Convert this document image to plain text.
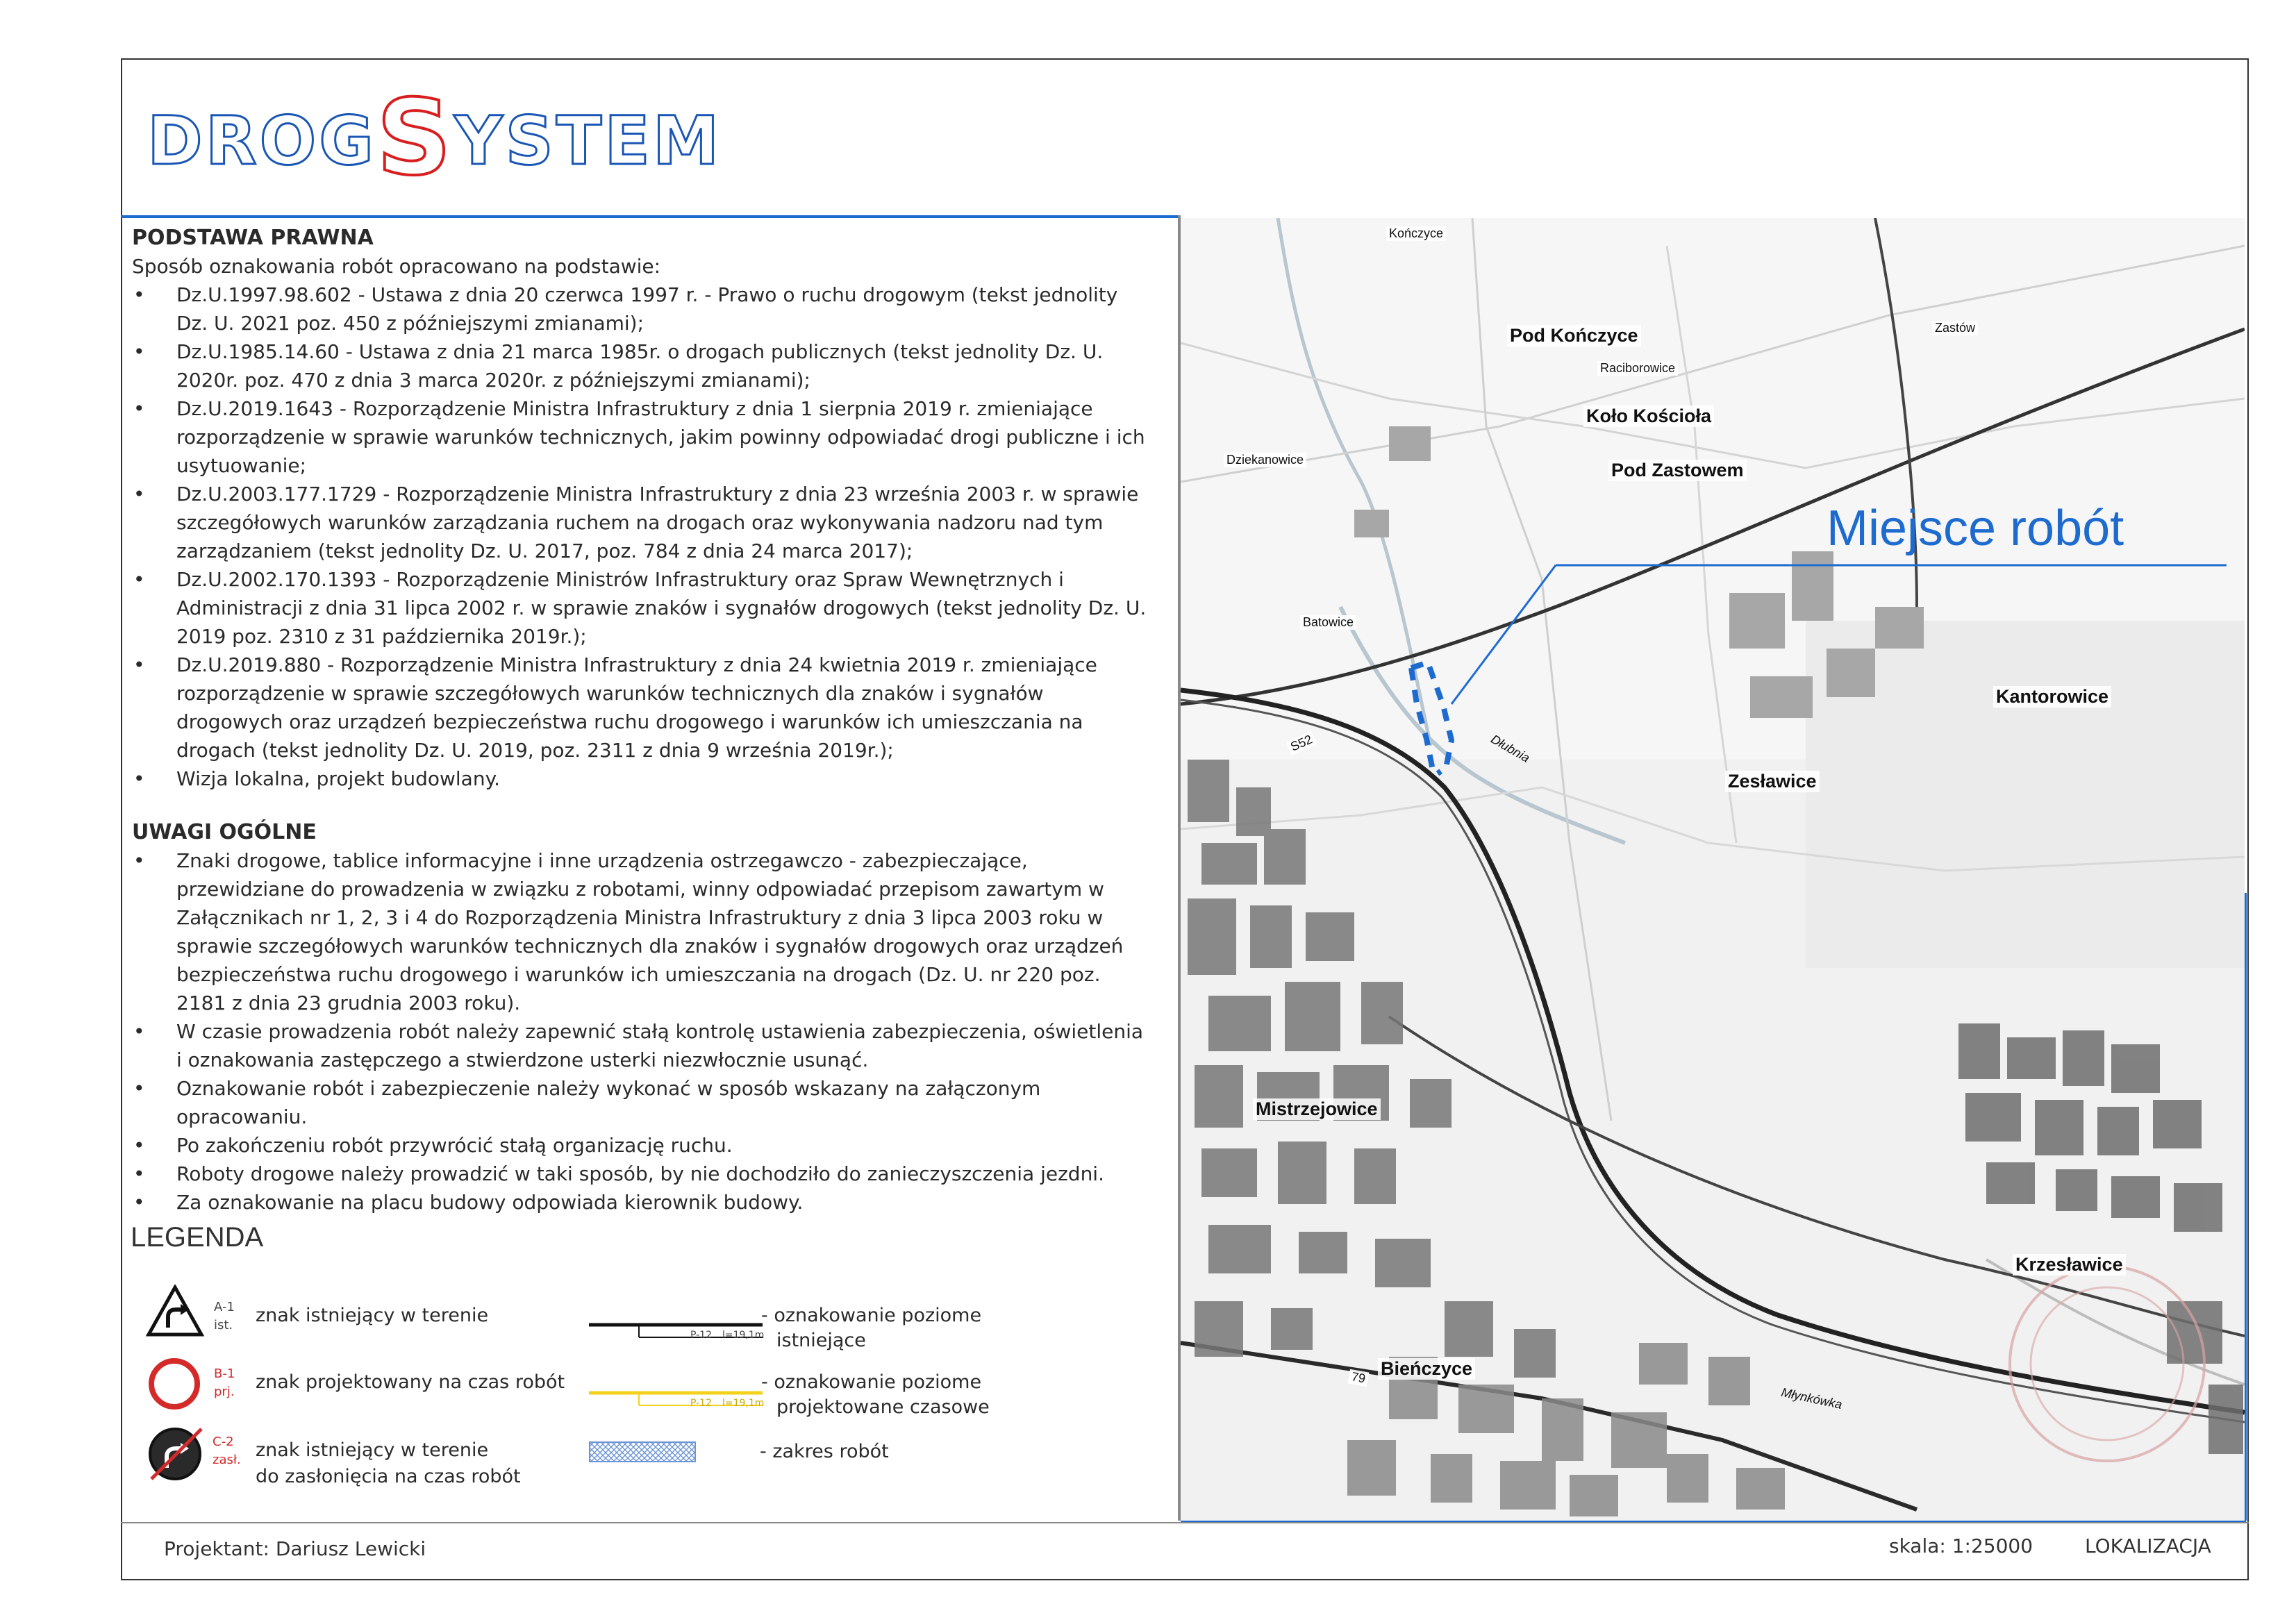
DROGSYSTEM

PODSTAWA PRAWNA

Sposób oznakowania robót opracowano na podstawie:
• Dz.U.1997.98.602 - Ustawa z dnia 20 czerwca 1997 r. - Prawo o ruchu drogowym (tekst jednolity Dz. U. 2021 poz. 450 z późniejszymi zmianami);
• Dz.U.1985.14.60 - Ustawa z dnia 21 marca 1985r. o drogach publicznych (tekst jednolity Dz. U. 2020r. poz. 470 z dnia 3 marca 2020r. z późniejszymi zmianami);
• Dz.U.2019.1643 - Rozporządzenie Ministra Infrastruktury z dnia 1 sierpnia 2019 r. zmieniające rozporządzenie w sprawie warunków technicznych, jakim powinny odpowiadać drogi publiczne i ich usytuowanie;
• Dz.U.2003.177.1729 - Rozporządzenie Ministra Infrastruktury z dnia 23 września 2003 r. w sprawie szczegółowych warunków zarządzania ruchem na drogach oraz wykonywania nadzoru nad tym zarządzaniem (tekst jednolity Dz. U. 2017, poz. 784 z dnia 24 marca 2017);
• Dz.U.2002.170.1393 - Rozporządzenie Ministrów Infrastruktury oraz Spraw Wewnętrznych i Administracji z dnia 31 lipca 2002 r. w sprawie znaków i sygnałów drogowych (tekst jednolity Dz. U. 2019 poz. 2310 z 31 października 2019r.);
• Dz.U.2019.880 - Rozporządzenie Ministra Infrastruktury z dnia 24 kwietnia 2019 r. zmieniające rozporządzenie w sprawie szczegółowych warunków technicznych dla znaków i sygnałów drogowych oraz urządzeń bezpieczeństwa ruchu drogowego i warunków ich umieszczania na drogach (tekst jednolity Dz. U. 2019, poz. 2311 z dnia 9 września 2019r.);
• Wizja lokalna, projekt budowlany.

UWAGI OGÓLNE

• Znaki drogowe, tablice informacyjne i inne urządzenia ostrzegawczo - zabezpieczające, przewidziane do prowadzenia w związku z robotami, winny odpowiadać przepisom zawartym w Załącznikach nr 1, 2, 3 i 4 do Rozporządzenia Ministra Infrastruktury z dnia 3 lipca 2003 roku w sprawie szczegółowych warunków technicznych dla znaków i sygnałów drogowych oraz urządzeń bezpieczeństwa ruchu drogowego i warunków ich umieszczania na drogach (Dz. U. nr 220 poz. 2181 z dnia 23 grudnia 2003 roku).
• W czasie prowadzenia robót należy zapewnić stałą kontrolę ustawienia zabezpieczenia, oświetlenia i oznakowania zastępczego a stwierdzone usterki niezwłocznie usunąć.
• Oznakowanie robót i zabezpieczenie należy wykonać w sposób wskazany na załączonym opracowaniu.
• Po zakończeniu robót przywrócić stałą organizację ruchu.
• Roboty drogowe należy prowadzić w taki sposób, by nie dochodziło do zanieczyszczenia jezdni.
• Za oznakowanie na placu budowy odpowiada kierownik budowy.
LEGENDA
A-1
ist. znak istniejący w terenie
B-1
prj. znak projektowany na czas robót
C-2
zasł. znak istniejący w terenie
do zasłonięcia na czas robót
P-12 l=19,1m
- oznakowanie poziome
istniejące
P-12 l=19,1m
- oznakowanie poziome
projektowane czasowe
- zakres robót
Kończyce
Pod Kończyce
Raciborowice
Koło Kościoła
Pod Zastowem
Zastów
Dziekanowice
Batowice
Kantorowice
Zesławice
Mistrzejowice
Krzesławice
Bieńczyce
S52
79
Dłubnia
Młynkówka
Miejsce robót
Projektant: Dariusz Lewicki	skala: 1:25000	LOKALIZACJA
